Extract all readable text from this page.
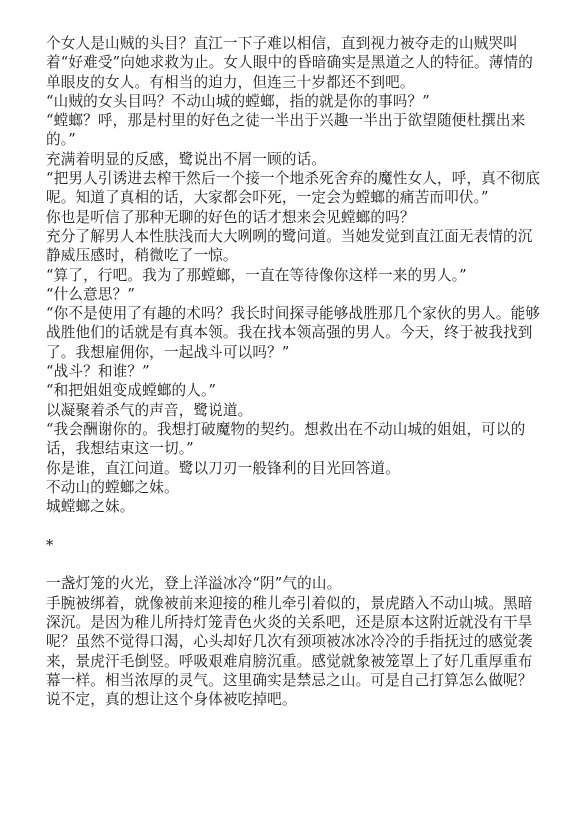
个女人是山贼的头目？直江一下子难以相信，直到视力被夺走的山贼哭叫着“好难受”向她求救为止。女人眼中的昏暗确实是黑道之人的特征。薄情的单眼皮的女人。有相当的迫力，但连三十岁都还不到吧。

“山贼的女头目吗？不动山城的螳螂，指的就是你的事吗？”

“螳螂？呼，那是村里的好色之徒一半出于兴趣一半出于欲望随便杜撰出来的。”

充满着明显的反感，鹭说出不屑一顾的话。

“把男人引诱进去榨干然后一个接一个地杀死舍弃的魔性女人，呼，真不彻底呢。知道了真相的话，大家都会吓死，一定会为螳螂的痛苦而叩伏。”

你也是听信了那种无聊的好色的话才想来会见螳螂的吗？

充分了解男人本性肤浅而大大咧咧的鹭问道。当她发觉到直江面无表情的沉静威压感时，稍微吃了一惊。

“算了，行吧。我为了那螳螂，一直在等待像你这样一来的男人。”

“什么意思？”

“你不是使用了有趣的术吗？我长时间探寻能够战胜那几个家伙的男人。能够战胜他们的话就是有真本领。我在找本领高强的男人。今天，终于被我找到了。我想雇佣你，一起战斗可以吗？”

“战斗？和谁？”

“和把姐姐变成螳螂的人。”

以凝聚着杀气的声音，鹭说道。

“我会酬谢你的。我想打破魔物的契约。想救出在不动山城的姐姐，可以的话，我想结束这一切。”

你是谁，直江问道。鹭以刀刃一般锋利的目光回答道。

不动山的螳螂之妹。

城螳螂之妹。

*

一盏灯笼的火光，登上洋溢冰冷“阴”气的山。

手腕被绑着，就像被前来迎接的稚儿牵引着似的，景虎踏入不动山城。黑暗深沉。是因为稚儿所持灯笼青色火炎的关系吧，还是原本这附近就没有干旱呢？虽然不觉得口渴，心头却好几次有颈项被冰冰冷冷的手指抚过的感觉袭来，景虎汗毛倒竖。呼吸艰难肩膀沉重。感觉就象被笼罩上了好几重厚重布幕一样。相当浓厚的灵气。这里确实是禁忌之山。可是自己打算怎么做呢？说不定，真的想让这个身体被吃掉吧。
